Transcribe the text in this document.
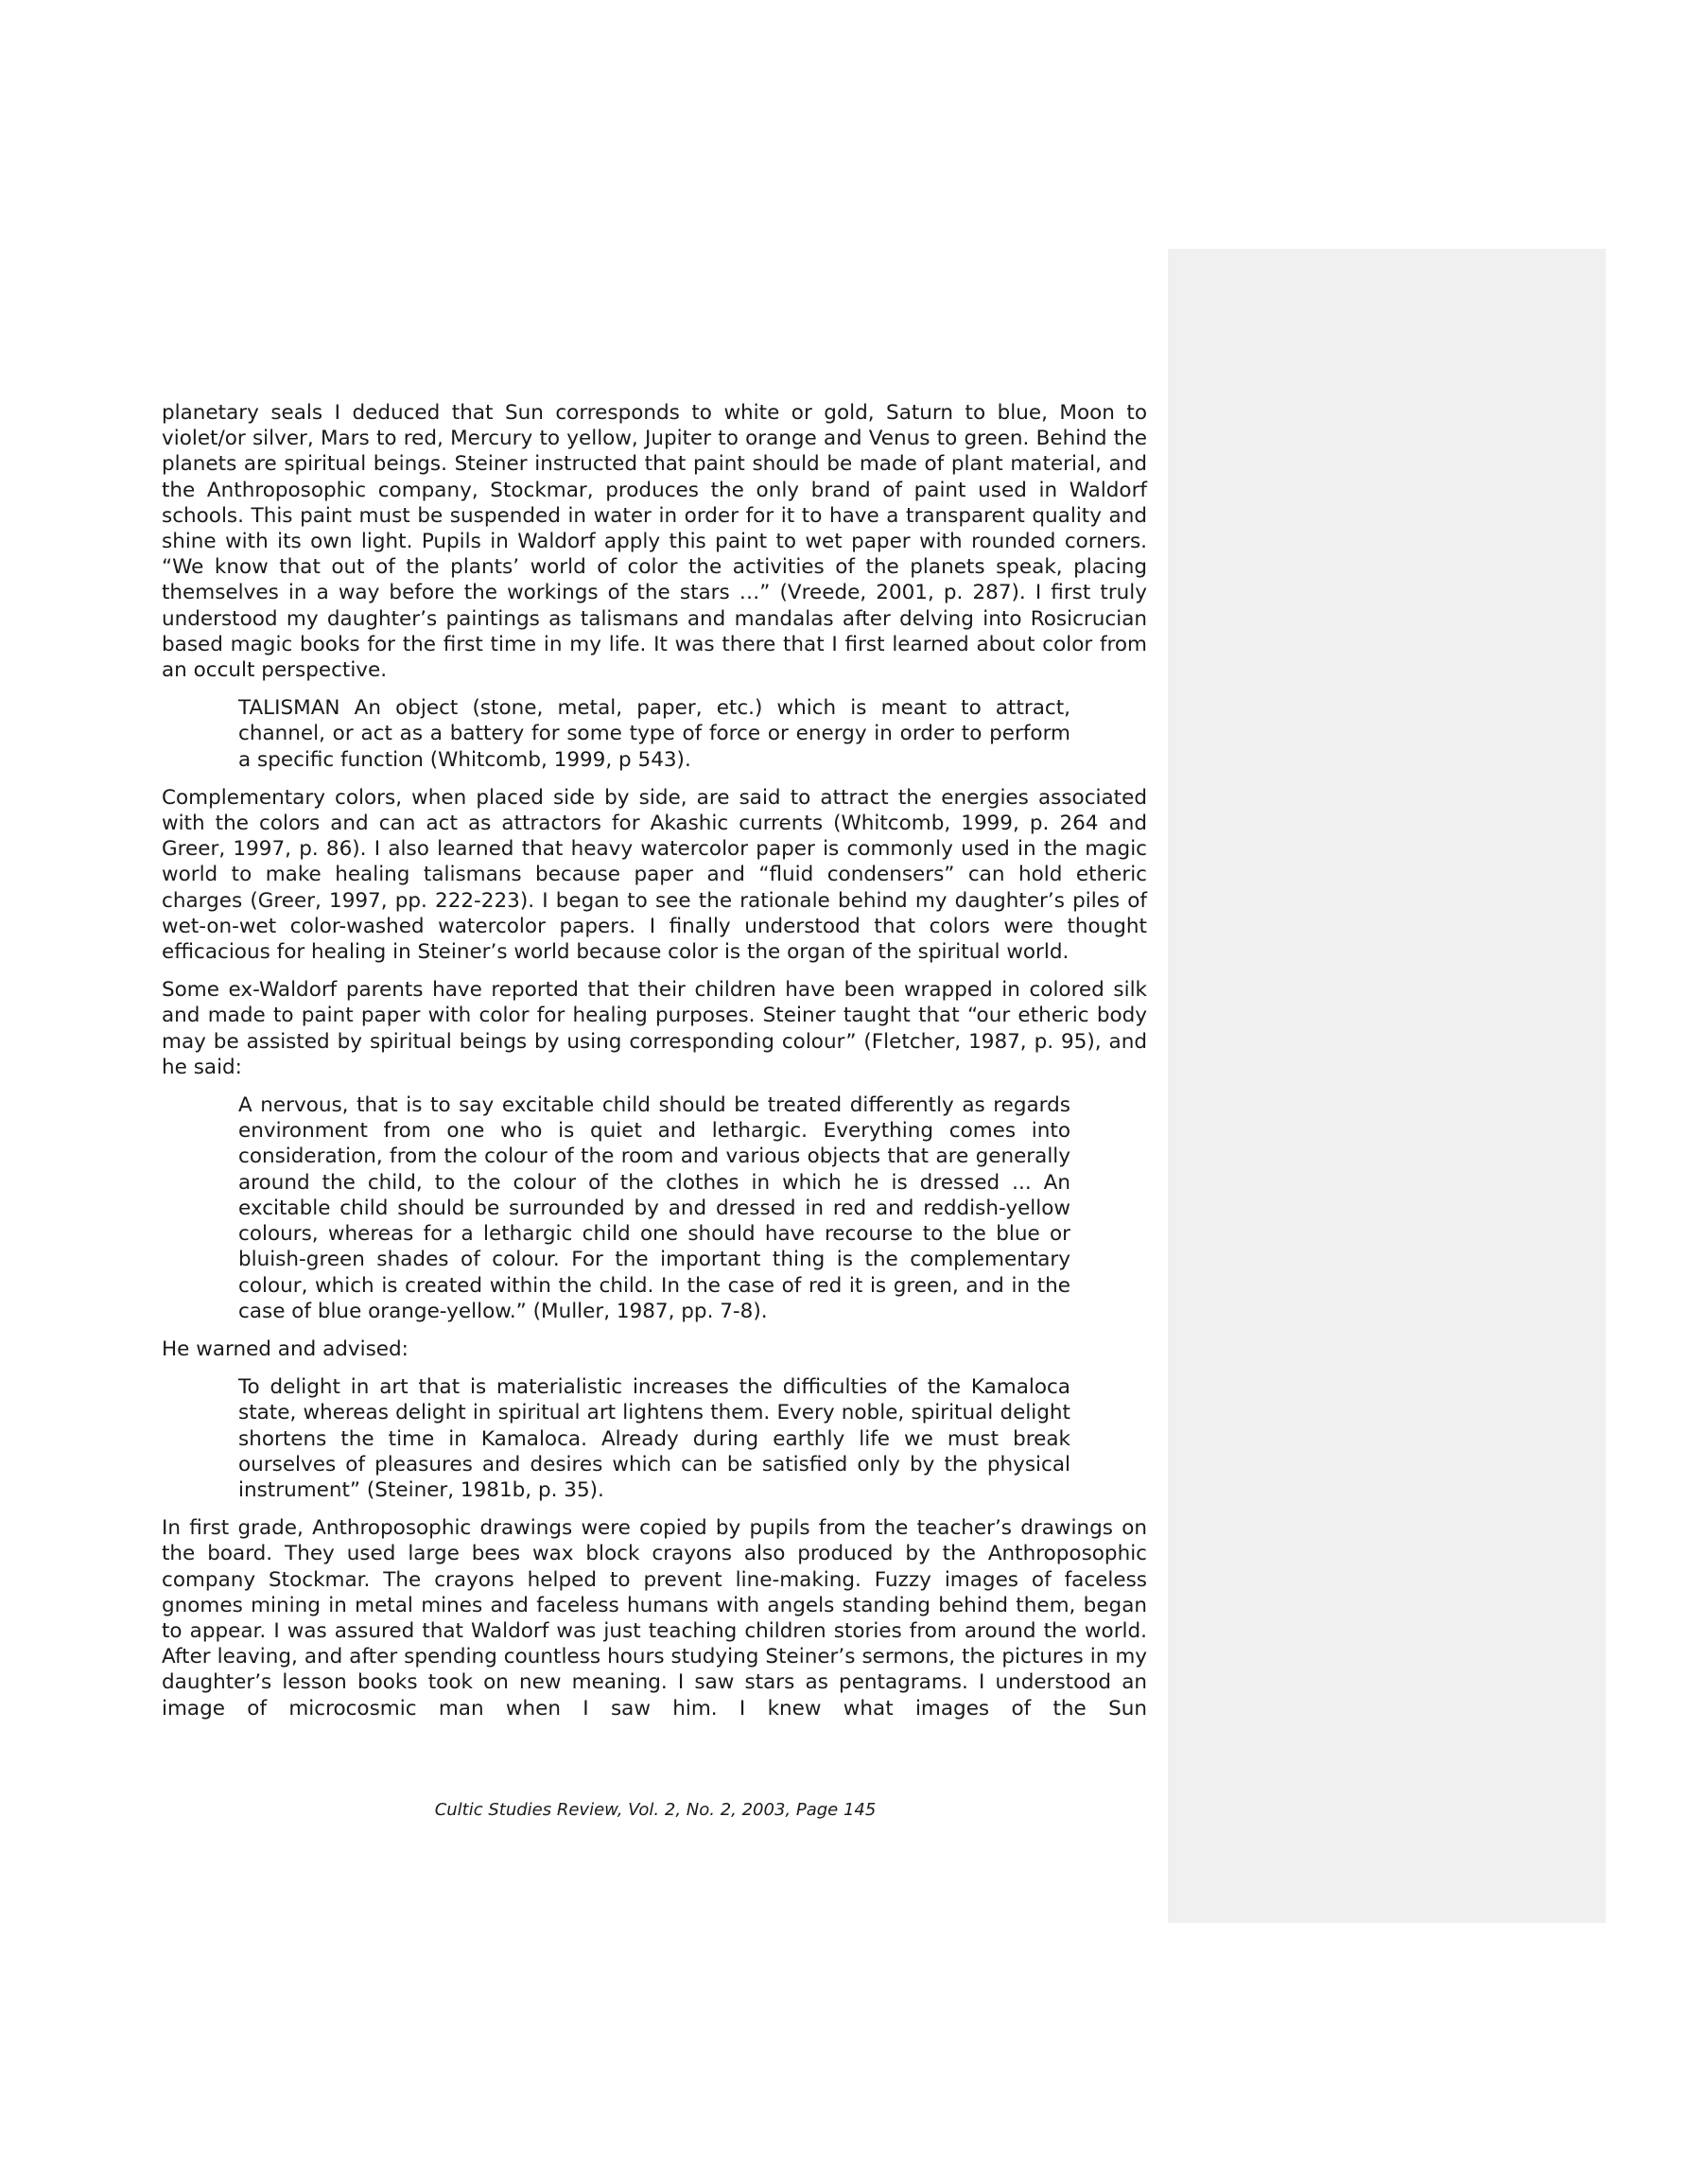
planetary seals I deduced that Sun corresponds to white or gold, Saturn to blue, Moon to violet/or silver, Mars to red, Mercury to yellow, Jupiter to orange and Venus to green. Behind the planets are spiritual beings. Steiner instructed that paint should be made of plant material, and the Anthroposophic company, Stockmar, produces the only brand of paint used in Waldorf schools. This paint must be suspended in water in order for it to have a transparent quality and shine with its own light. Pupils in Waldorf apply this paint to wet paper with rounded corners. “We know that out of the plants’ world of color the activities of the planets speak, placing themselves in a way before the workings of the stars …” (Vreede, 2001, p. 287). I first truly understood my daughter’s paintings as talismans and mandalas after delving into Rosicrucian based magic books for the first time in my life. It was there that I first learned about color from an occult perspective.

TALISMAN An object (stone, metal, paper, etc.) which is meant to attract, channel, or act as a battery for some type of force or energy in order to perform a specific function (Whitcomb, 1999, p 543).

Complementary colors, when placed side by side, are said to attract the energies associated with the colors and can act as attractors for Akashic currents (Whitcomb, 1999, p. 264 and Greer, 1997, p. 86). I also learned that heavy watercolor paper is commonly used in the magic world to make healing talismans because paper and “fluid condensers” can hold etheric charges (Greer, 1997, pp. 222-223). I began to see the rationale behind my daughter’s piles of wet-on-wet color-washed watercolor papers. I finally understood that colors were thought efficacious for healing in Steiner’s world because color is the organ of the spiritual world.

Some ex-Waldorf parents have reported that their children have been wrapped in colored silk and made to paint paper with color for healing purposes. Steiner taught that “our etheric body may be assisted by spiritual beings by using corresponding colour” (Fletcher, 1987, p. 95), and he said:

A nervous, that is to say excitable child should be treated differently as regards environment from one who is quiet and lethargic. Everything comes into consideration, from the colour of the room and various objects that are generally around the child, to the colour of the clothes in which he is dressed ... An excitable child should be surrounded by and dressed in red and reddish-yellow colours, whereas for a lethargic child one should have recourse to the blue or bluish-green shades of colour. For the important thing is the complementary colour, which is created within the child. In the case of red it is green, and in the case of blue orange-yellow.” (Muller, 1987, pp. 7-8).

He warned and advised:

To delight in art that is materialistic increases the difficulties of the Kamaloca state, whereas delight in spiritual art lightens them. Every noble, spiritual delight shortens the time in Kamaloca. Already during earthly life we must break ourselves of pleasures and desires which can be satisfied only by the physical instrument” (Steiner, 1981b, p. 35).

In first grade, Anthroposophic drawings were copied by pupils from the teacher’s drawings on the board. They used large bees wax block crayons also produced by the Anthroposophic company Stockmar. The crayons helped to prevent line-making. Fuzzy images of faceless gnomes mining in metal mines and faceless humans with angels standing behind them, began to appear. I was assured that Waldorf was just teaching children stories from around the world. After leaving, and after spending countless hours studying Steiner’s sermons, the pictures in my daughter’s lesson books took on new meaning. I saw stars as pentagrams. I understood an image of microcosmic man when I saw him. I knew what images of the Sun

Cultic Studies Review, Vol. 2, No. 2, 2003, Page 145
